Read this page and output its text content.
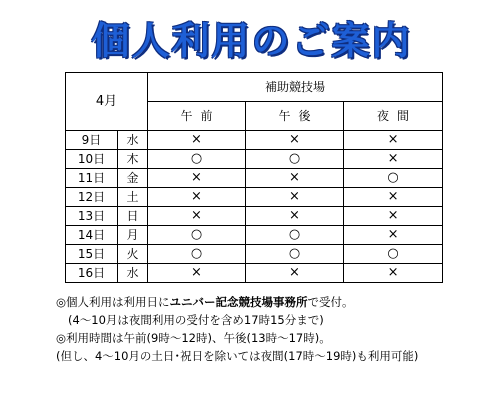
個人利用のご案内
4月		補助競技場		
		午前	午後	夜間
9日	水	×	×	×
10日	木	○	○	×
11日	金	×	×	○
12日	土	×	×	×
13日	日	×	×	×
14日	月	○	○	×
15日	火	○	○	○
16日	水	×	×	×
◎個人利用は利用日にユニバー記念競技場事務所で受付。
(4～10月は夜間利用の受付を含め17時15分まで)
◎利用時間は午前(9時～12時)、午後(13時～17時)。
(但し、4～10月の土日･祝日を除いては夜間(17時～19時)も利用可能)
